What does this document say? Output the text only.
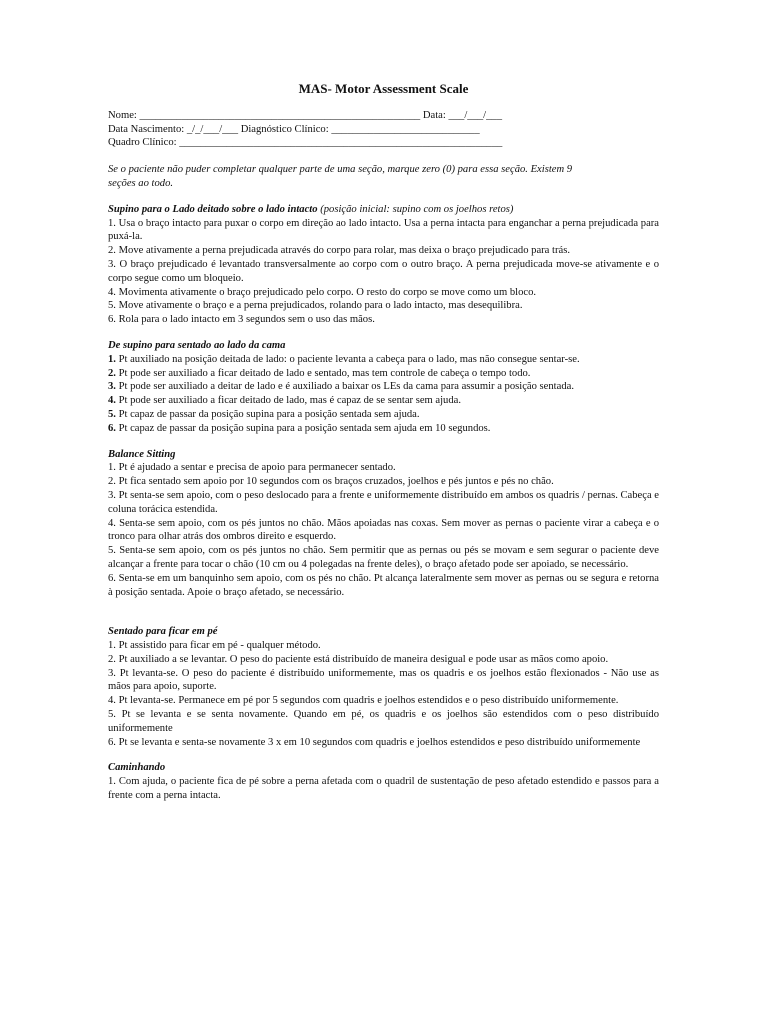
MAS- Motor Assessment Scale
Nome: _____________________________________________________ Data: ___/___/___
Data Nascimento: _/_/___/___ Diagnóstico Clínico: ____________________________
Quadro Clínico: _____________________________________________________________
Se o paciente não puder completar qualquer parte de uma seção, marque zero (0) para essa seção. Existem 9 seções ao todo.
Supino para o Lado deitado sobre o lado intacto (posição inicial: supino com os joelhos retos)
1. Usa o braço intacto para puxar o corpo em direção ao lado intacto. Usa a perna intacta para enganchar a perna prejudicada para puxá-la.
2. Move ativamente a perna prejudicada através do corpo para rolar, mas deixa o braço prejudicado para trás.
3. O braço prejudicado é levantado transversalmente ao corpo com o outro braço. A perna prejudicada move-se ativamente e o corpo segue como um bloqueio.
4. Movimenta ativamente o braço prejudicado pelo corpo. O resto do corpo se move como um bloco.
5. Move ativamente o braço e a perna prejudicados, rolando para o lado intacto, mas desequilibra.
6. Rola para o lado intacto em 3 segundos sem o uso das mãos.
De supino para sentado ao lado da cama
1. Pt auxiliado na posição deitada de lado: o paciente levanta a cabeça para o lado, mas não consegue sentar-se.
2. Pt pode ser auxiliado a ficar deitado de lado e sentado, mas tem controle de cabeça o tempo todo.
3. Pt pode ser auxiliado a deitar de lado e é auxiliado a baixar os LEs da cama para assumir a posição sentada.
4. Pt pode ser auxiliado a ficar deitado de lado, mas é capaz de se sentar sem ajuda.
5. Pt capaz de passar da posição supina para a posição sentada sem ajuda.
6. Pt capaz de passar da posição supina para a posição sentada sem ajuda em 10 segundos.
Balance Sitting
1. Pt é ajudado a sentar e precisa de apoio para permanecer sentado.
2. Pt fica sentado sem apoio por 10 segundos com os braços cruzados, joelhos e pés juntos e pés no chão.
3. Pt senta-se sem apoio, com o peso deslocado para a frente e uniformemente distribuído em ambos os quadris / pernas. Cabeça e coluna torácica estendida.
4. Senta-se sem apoio, com os pés juntos no chão. Mãos apoiadas nas coxas. Sem mover as pernas o paciente virar a cabeça e o tronco para olhar atrás dos ombros direito e esquerdo.
5. Senta-se sem apoio, com os pés juntos no chão. Sem permitir que as pernas ou pés se movam e sem segurar o paciente deve alcançar a frente para tocar o chão (10 cm ou 4 polegadas na frente deles), o braço afetado pode ser apoiado, se necessário.
6. Senta-se em um banquinho sem apoio, com os pés no chão. Pt alcança lateralmente sem mover as pernas ou se segura e retorna à posição sentada. Apoie o braço afetado, se necessário.
Sentado para ficar em pé
1. Pt assistido para ficar em pé - qualquer método.
2. Pt auxiliado a se levantar. O peso do paciente está distribuído de maneira desigual e pode usar as mãos como apoio.
3. Pt levanta-se. O peso do paciente é distribuído uniformemente, mas os quadris e os joelhos estão flexionados - Não use as mãos para apoio, suporte.
4. Pt levanta-se. Permanece em pé por 5 segundos com quadris e joelhos estendidos e o peso distribuído uniformemente.
5. Pt se levanta e se senta novamente. Quando em pé, os quadris e os joelhos são estendidos com o peso distribuído uniformemente
6. Pt se levanta e senta-se novamente 3 x em 10 segundos com quadris e joelhos estendidos e peso distribuído uniformemente
Caminhando
1. Com ajuda, o paciente fica de pé sobre a perna afetada com o quadril de sustentação de peso afetado estendido e passos para a frente com a perna intacta.
